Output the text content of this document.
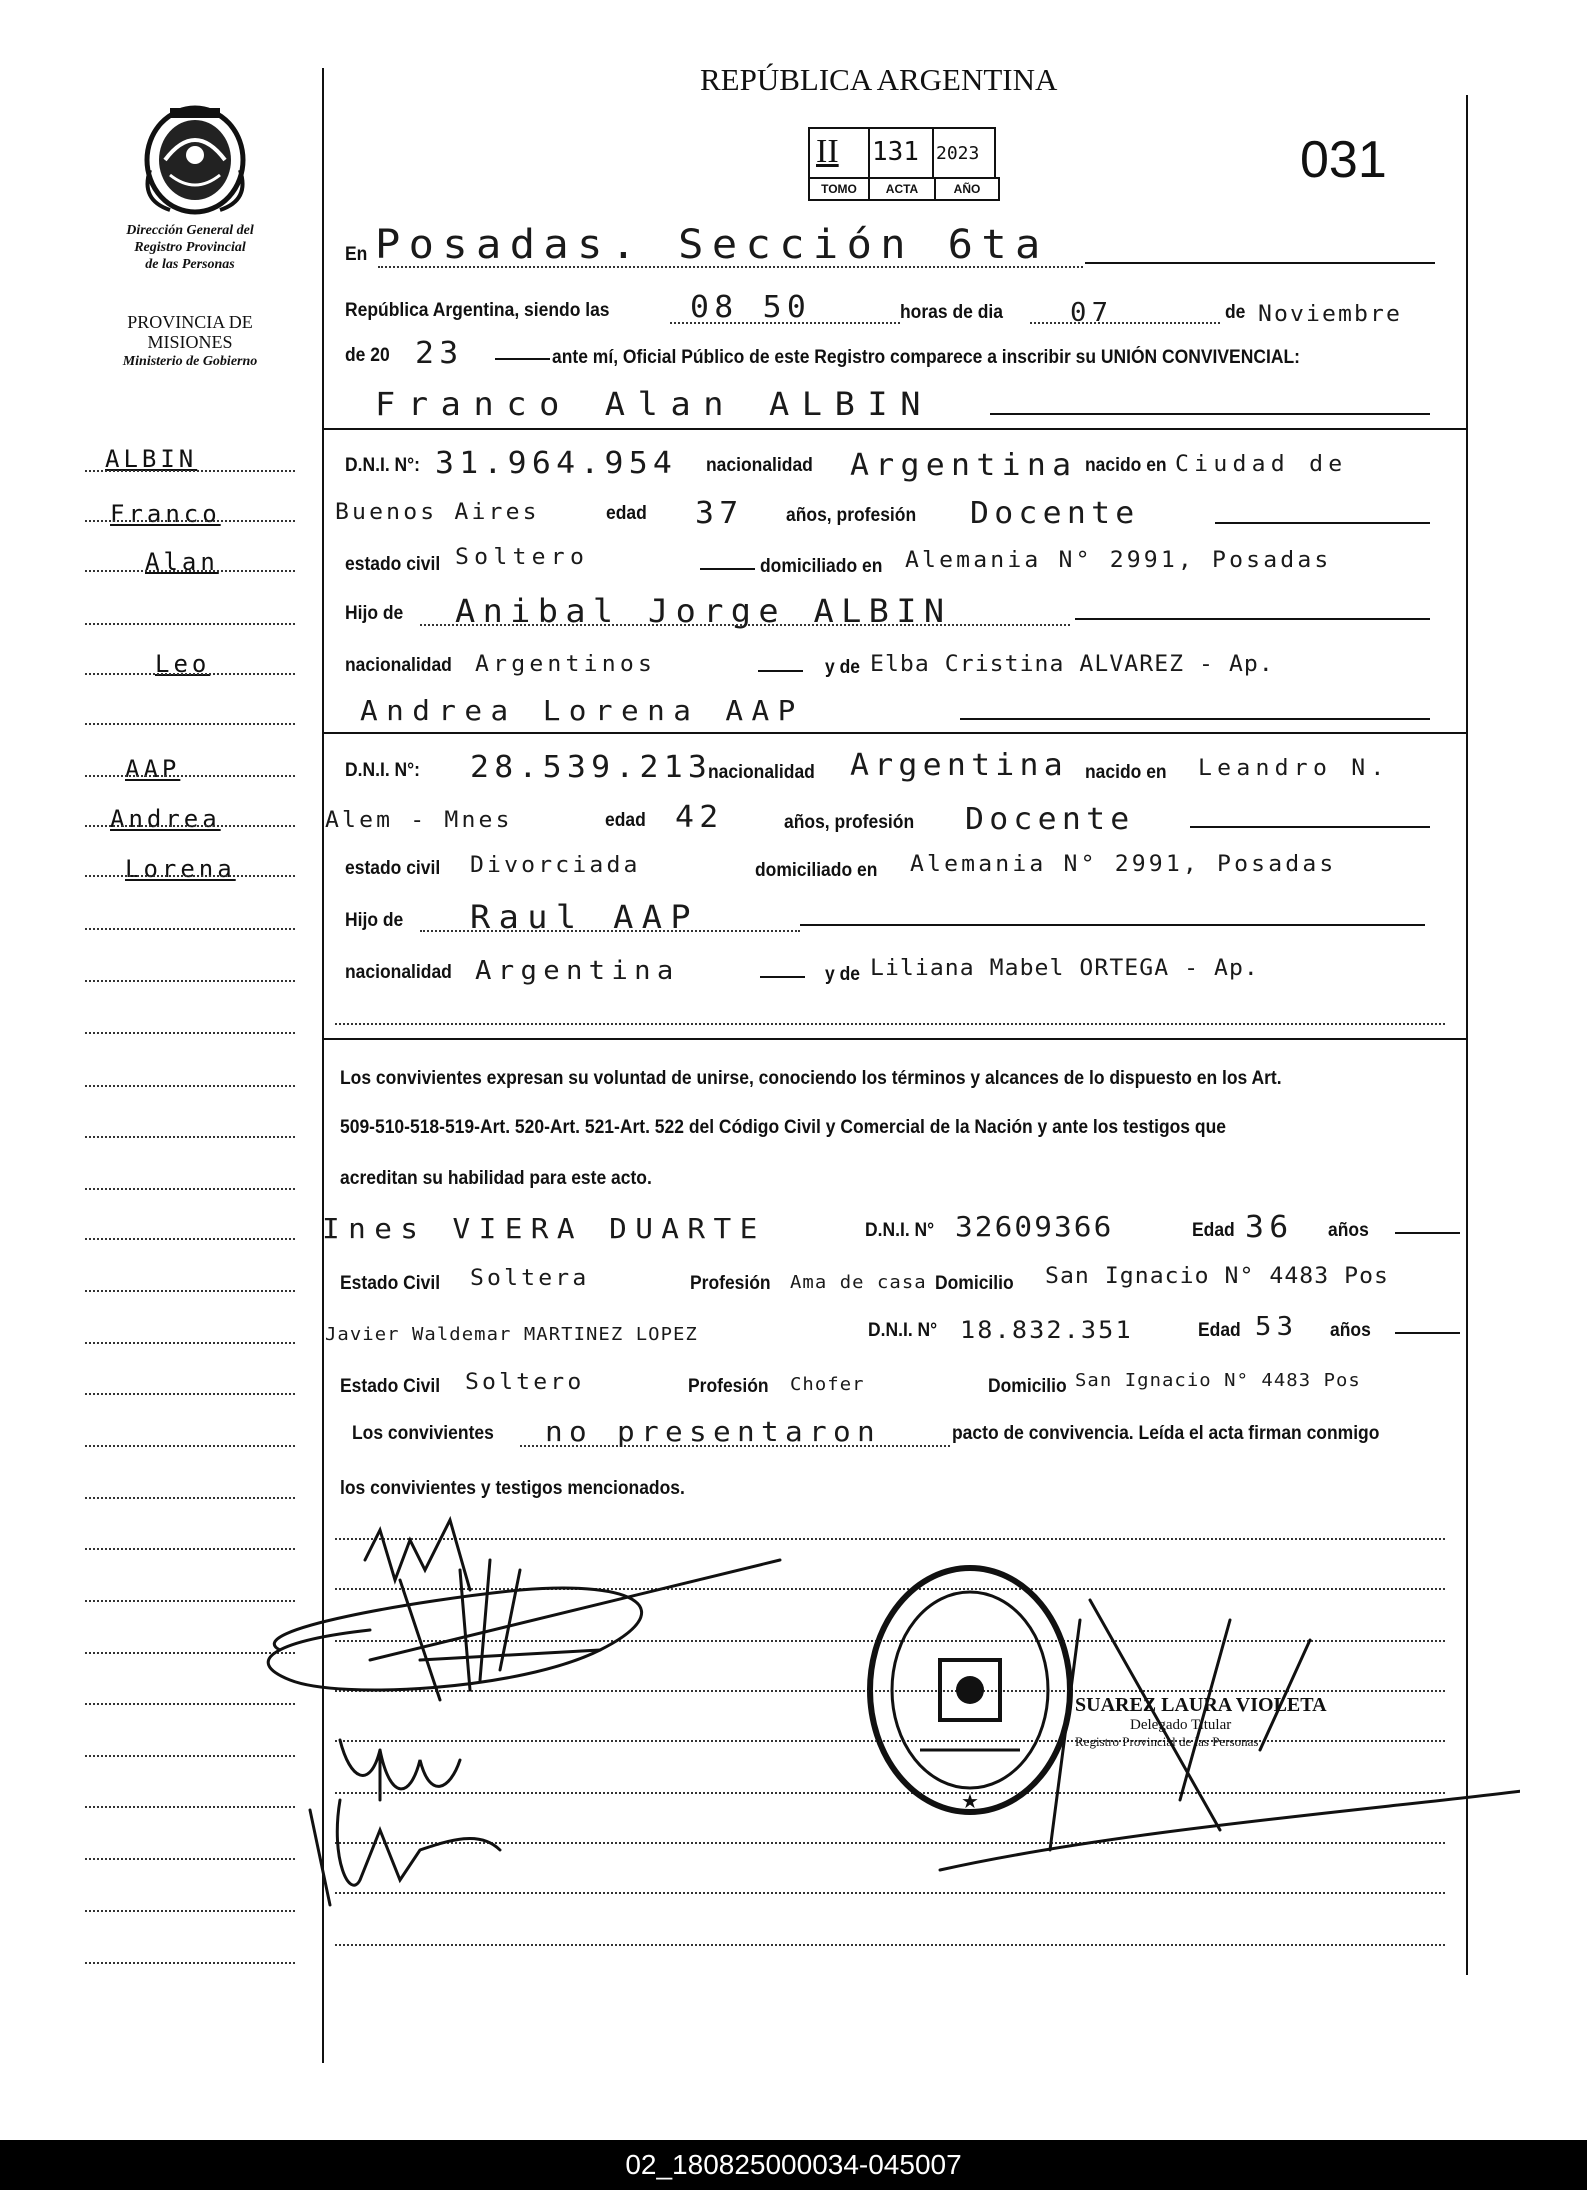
Dirección General del
Registro Provincial
de las Personas
PROVINCIA DE
MISIONES
Ministerio de Gobierno
ALBIN
Franco
Alan
Leo
AAP
Andrea
Lorena
REPÚBLICA ARGENTINA
031
TOMO	ACTA	AÑO
II 131 2023
En Posadas. Sección 6ta
República Argentina, siendo las	08 50	horas de dia	07	de Noviembre
de 20 23	ante mí, Oficial Público de este Registro comparece a inscribir su UNIÓN CONVIVENCIAL:
Franco Alan ALBIN
D.N.I. N°: 31.964.954 nacionalidad Argentina nacido en Ciudad de
Buenos Aires	edad 37 años, profesión Docente
estado civil Soltero	domiciliado en Alemania N° 2991, Posadas
Hijo de Anibal Jorge ALBIN
nacionalidad Argentinos	y de Elba Cristina ALVAREZ - Ap.
Andrea Lorena AAP
D.N.I. N°: 28.539.213
nacionalidad Argentina nacido en Leandro N.
Alem - Mnes	edad 42	años, profesión Docente
estado civil Divorciada	domiciliado en Alemania N° 2991, Posadas
Hijo de Raul AAP
nacionalidad Argentina	y de Liliana Mabel ORTEGA - Ap.
Los convivientes expresan su voluntad de unirse, conociendo los términos y alcances de lo dispuesto en los Art.
509-510-518-519-Art. 520-Art. 521-Art. 522 del Código Civil y Comercial de la Nación y ante los testigos que
acreditan su habilidad para este acto.
Ines VIERA DUARTE	D.N.I. N° 32609366	Edad 36 años
Estado Civil Soltera	Profesión Ama de casa Domicilio San Ignacio N° 4483 Pos
Javier Waldemar MARTINEZ LOPEZ	D.N.I. N° 18.832.351	Edad 53 años
Estado Civil Soltero	Profesión Chofer	Domicilio San Ignacio N° 4483 Pos
Los convivientes no presentaron	pacto de convivencia. Leída el acta firman conmigo
los convivientes y testigos mencionados.
★
SUAREZ LAURA VIOLETA
Delegado Titular
Registro Provincial de las Personas
02_180825000034-045007
